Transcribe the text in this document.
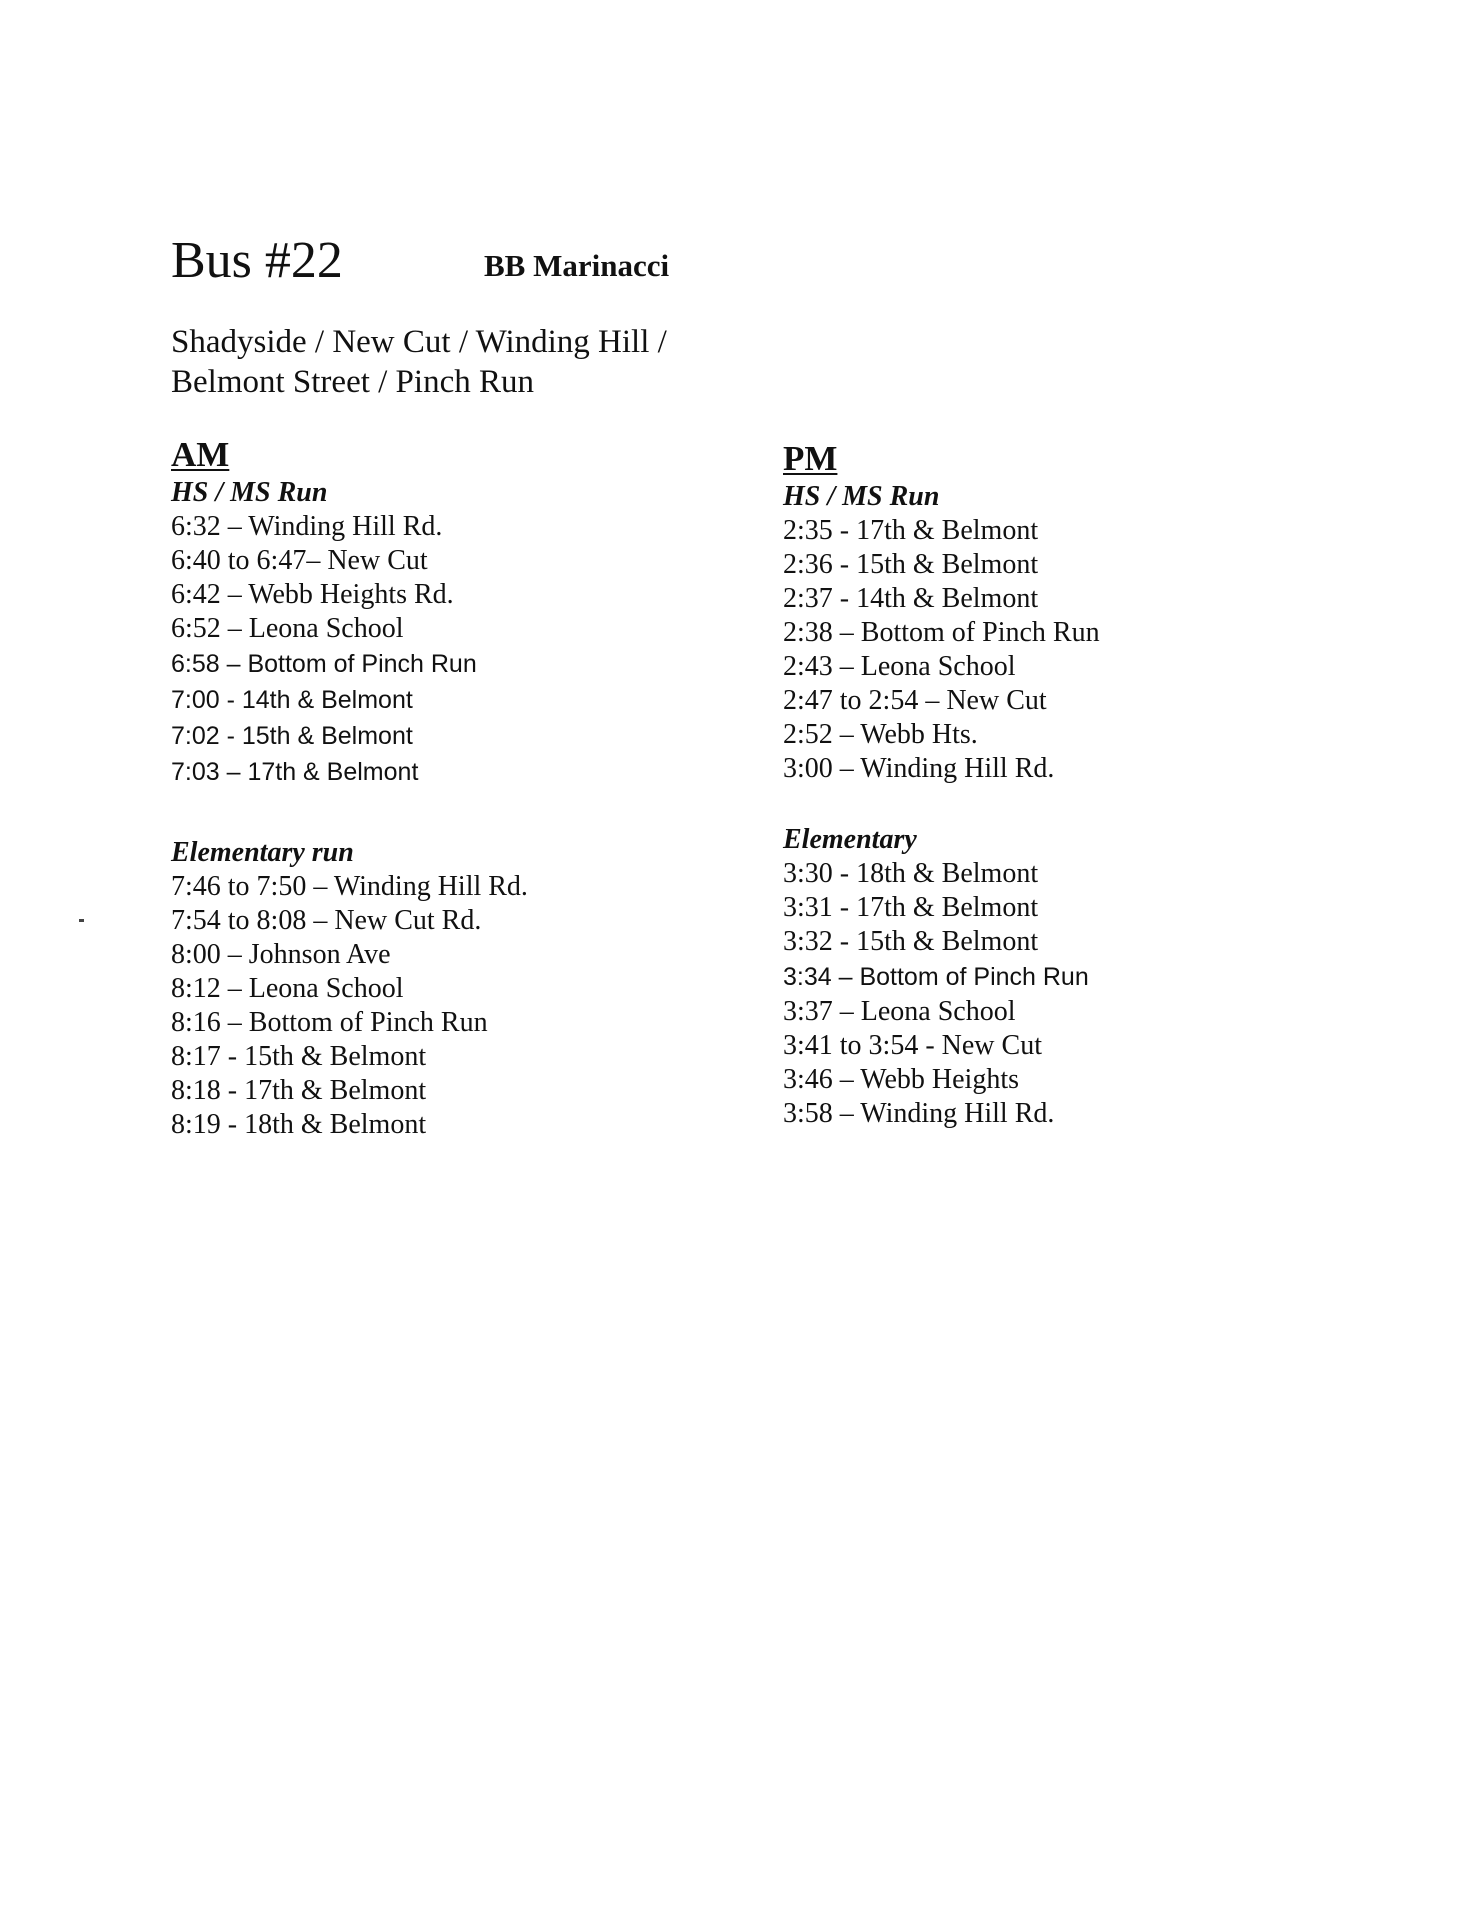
Bus #22	BB Marinacci
Shadyside / New Cut / Winding Hill /
Belmont Street / Pinch Run
AM
HS / MS Run
6:32 – Winding Hill Rd.
6:40 to 6:47– New Cut
6:42 – Webb Heights Rd.
6:52 – Leona School
6:58 – Bottom of Pinch Run
7:00 - 14th & Belmont
7:02 - 15th & Belmont
7:03 – 17th & Belmont
Elementary run
7:46 to 7:50 – Winding Hill Rd.
7:54 to 8:08 – New Cut Rd.
8:00 – Johnson Ave
8:12 – Leona School
8:16 – Bottom of Pinch Run
8:17 - 15th & Belmont
8:18 - 17th & Belmont
8:19 - 18th & Belmont
PM
HS / MS Run
2:35 - 17th & Belmont
2:36 - 15th & Belmont
2:37 - 14th & Belmont
2:38 – Bottom of Pinch Run
2:43 – Leona School
2:47 to 2:54 – New Cut
2:52 – Webb Hts.
3:00 – Winding Hill Rd.
Elementary
3:30 - 18th & Belmont
3:31 - 17th & Belmont
3:32 - 15th & Belmont
3:34 – Bottom of Pinch Run
3:37 – Leona School
3:41 to 3:54 - New Cut
3:46 – Webb Heights
3:58 – Winding Hill Rd.
